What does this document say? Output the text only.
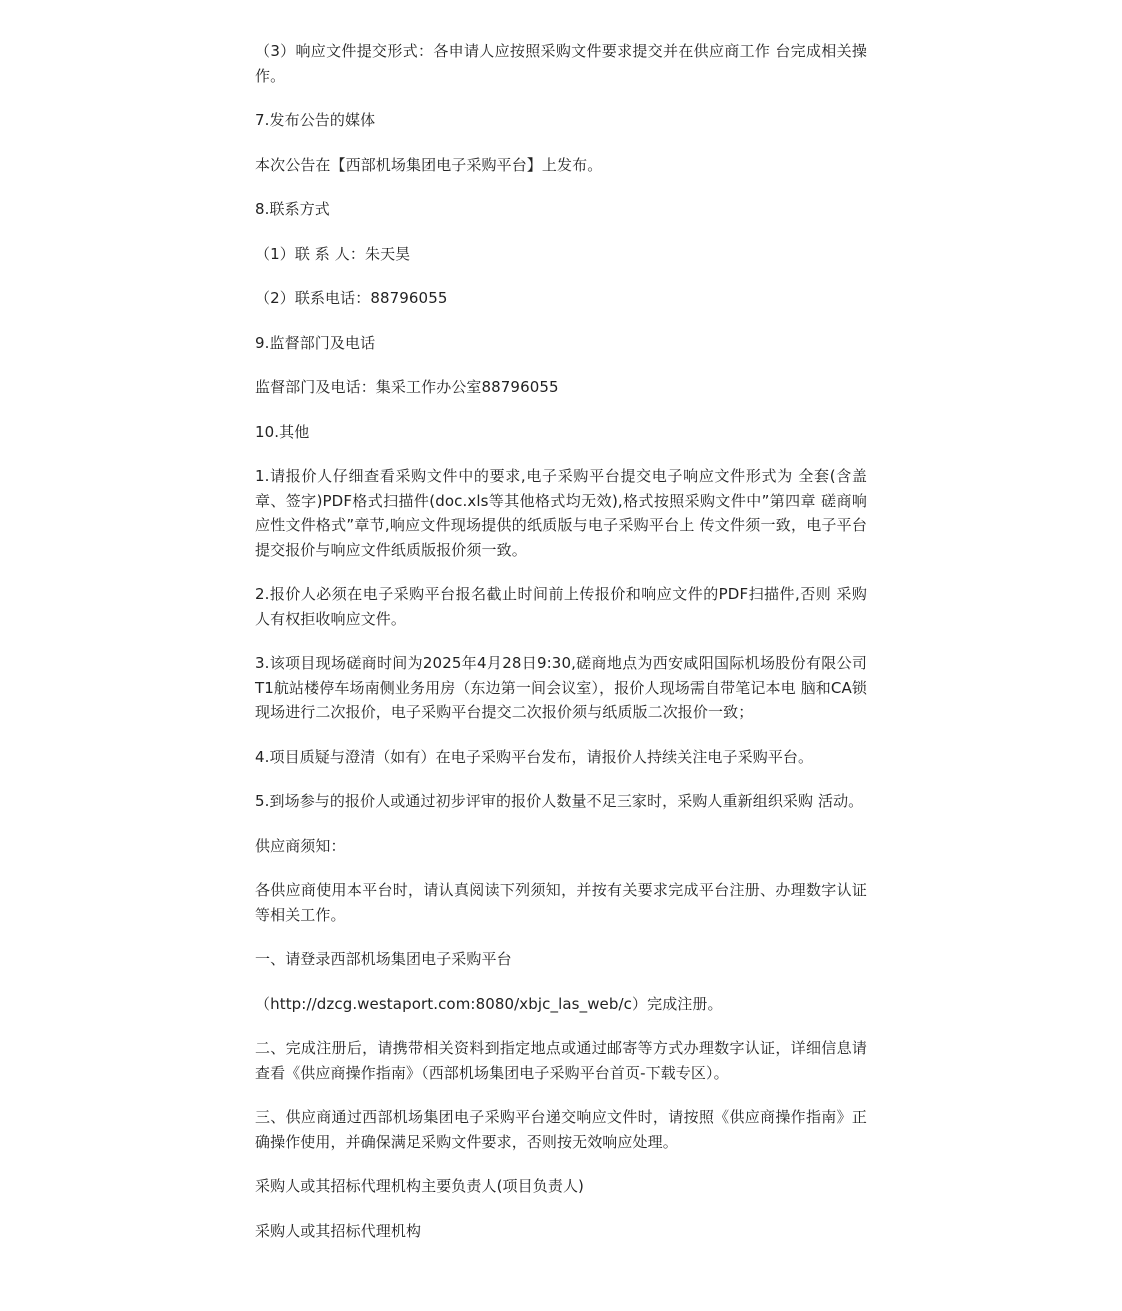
（3）响应文件提交形式：各申请人应按照采购文件要求提交并在供应商工作 台完成相关操作。

7.发布公告的媒体

本次公告在【西部机场集团电子采购平台】上发布。

8.联系方式

（1）联 系 人：朱天昊

（2）联系电话：88796055

9.监督部门及电话

监督部门及电话：集采工作办公室88796055

10.其他

1.请报价人仔细查看采购文件中的要求,电子采购平台提交电子响应文件形式为 全套(含盖章、签字)PDF格式扫描件(doc.xls等其他格式均无效),格式按照采购文件中”第四章 磋商响应性文件格式”章节,响应文件现场提供的纸质版与电子采购平台上 传文件须一致，电子平台提交报价与响应文件纸质版报价须一致。

2.报价人必须在电子采购平台报名截止时间前上传报价和响应文件的PDF扫描件,否则 采购人有权拒收响应文件。

3.该项目现场磋商时间为2025年4月28日9:30,磋商地点为西安咸阳国际机场股份有限公司T1航站楼停车场南侧业务用房（东边第一间会议室），报价人现场需自带笔记本电 脑和CA锁现场进行二次报价，电子采购平台提交二次报价须与纸质版二次报价一致；

4.项目质疑与澄清（如有）在电子采购平台发布，请报价人持续关注电子采购平台。

5.到场参与的报价人或通过初步评审的报价人数量不足三家时，采购人重新组织采购 活动。

供应商须知：

各供应商使用本平台时，请认真阅读下列须知，并按有关要求完成平台注册、办理数字认证等相关工作。

一、请登录西部机场集团电子采购平台

（http://dzcg.westaport.com:8080/xbjc_las_web/c）完成注册。

二、完成注册后，请携带相关资料到指定地点或通过邮寄等方式办理数字认证，详细信息请查看《供应商操作指南》（西部机场集团电子采购平台首页-下载专区）。

三、供应商通过西部机场集团电子采购平台递交响应文件时，请按照《供应商操作指南》正确操作使用，并确保满足采购文件要求，否则按无效响应处理。

采购人或其招标代理机构主要负责人(项目负责人)

采购人或其招标代理机构
